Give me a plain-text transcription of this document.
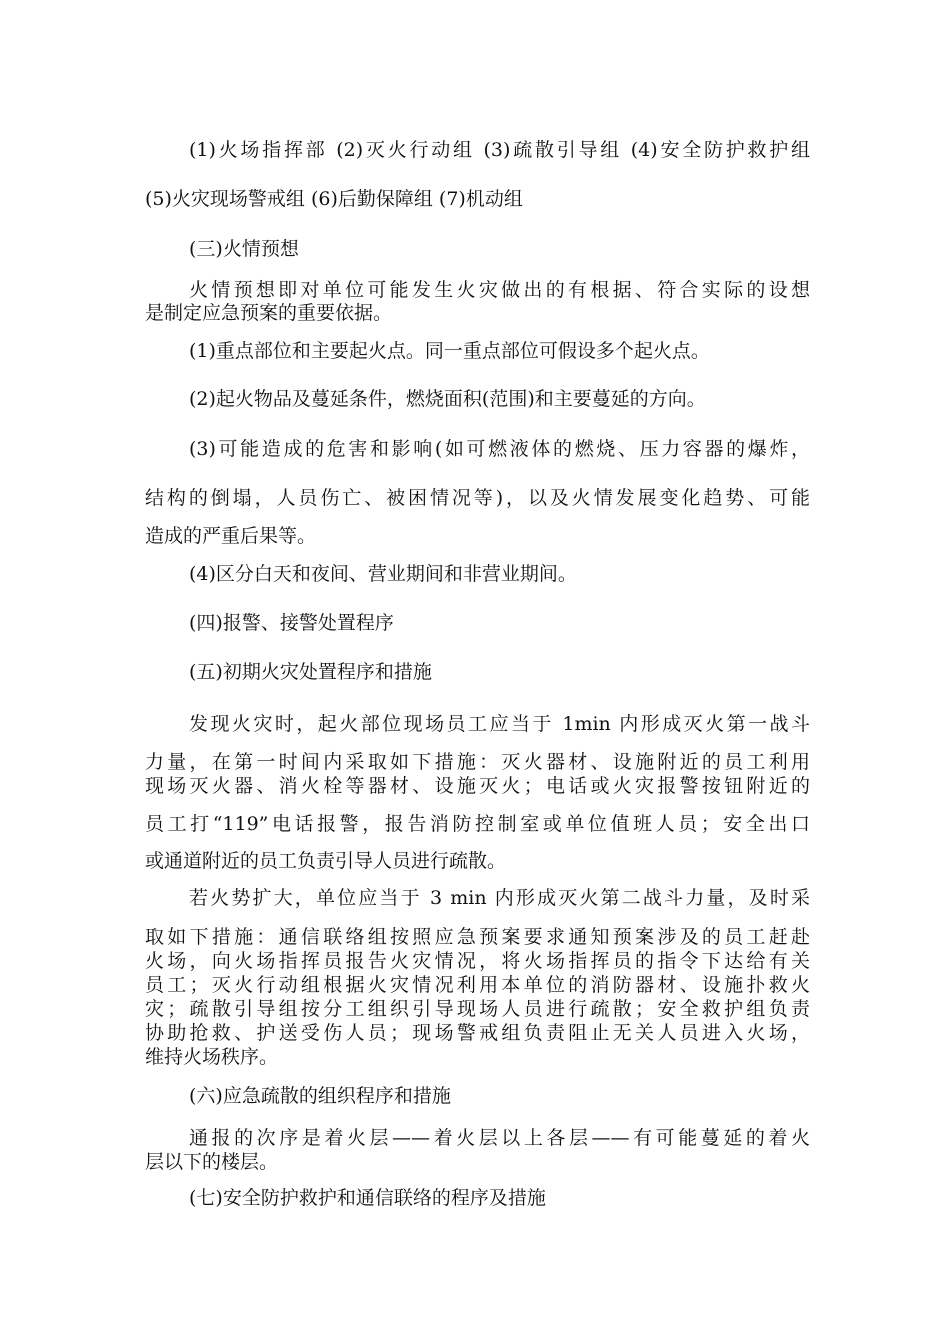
(1)火场指挥部 (2)灭火行动组 (3)疏散引导组 (4)安全防护救护组
(5)火灾现场警戒组 (6)后勤保障组 (7)机动组
(三)火情预想
火情预想即对单位可能发生火灾做出的有根据、符合实际的设想
是制定应急预案的重要依据。
(1)重点部位和主要起火点。同一重点部位可假设多个起火点。
(2)起火物品及蔓延条件，燃烧面积(范围)和主要蔓延的方向。
(3)可能造成的危害和影响(如可燃液体的燃烧、压力容器的爆炸，
结构的倒塌，人员伤亡、被困情况等)，以及火情发展变化趋势、可能
造成的严重后果等。
(4)区分白天和夜间、营业期间和非营业期间。
(四)报警、接警处置程序
(五)初期火灾处置程序和措施
发现火灾时，起火部位现场员工应当于 1min 内形成灭火第一战斗
力量，在第一时间内采取如下措施：灭火器材、设施附近的员工利用
现场灭火器、消火栓等器材、设施灭火；电话或火灾报警按钮附近的
员工打“119”电话报警，报告消防控制室或单位值班人员；安全出口
或通道附近的员工负责引导人员进行疏散。
若火势扩大，单位应当于 3 min 内形成灭火第二战斗力量，及时采
取如下措施：通信联络组按照应急预案要求通知预案涉及的员工赶赴
火场，向火场指挥员报告火灾情况，将火场指挥员的指令下达给有关
员工；灭火行动组根据火灾情况利用本单位的消防器材、设施扑救火
灾；疏散引导组按分工组织引导现场人员进行疏散；安全救护组负责
协助抢救、护送受伤人员；现场警戒组负责阻止无关人员进入火场，
维持火场秩序。
(六)应急疏散的组织程序和措施
通报的次序是着火层——着火层以上各层——有可能蔓延的着火
层以下的楼层。
(七)安全防护救护和通信联络的程序及措施
